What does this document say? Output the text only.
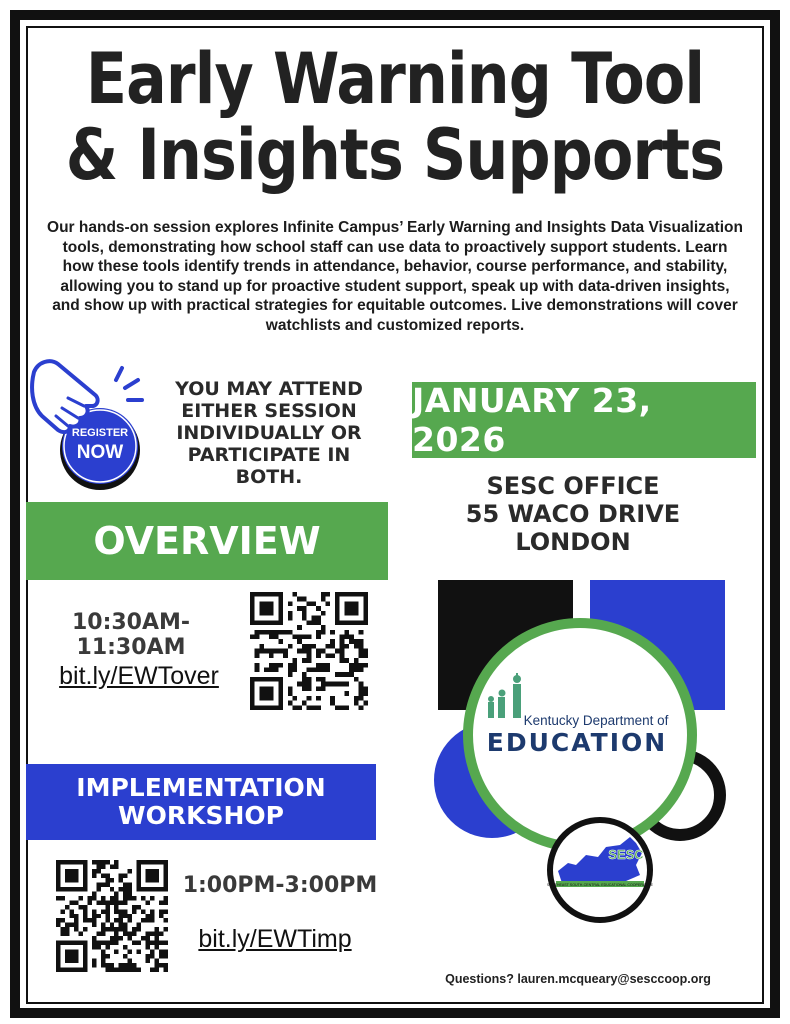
Early Warning Tool
& Insights Supports

Our hands-on session explores Infinite Campus’ Early Warning and Insights Data Visualization tools, demonstrating how school staff can use data to proactively support students. Learn how these tools identify trends in attendance, behavior, course performance, and stability, allowing you to stand up for proactive student support, speak up with data-driven insights, and show up with practical strategies for equitable outcomes. Live demonstrations will cover watchlists and customized reports.

REGISTER
NOW
YOU MAY ATTEND
EITHER SESSION
INDIVIDUALLY OR
PARTICIPATE IN BOTH.
JANUARY 23, 2026
SESC OFFICE
55 WACO DRIVE LONDON
OVERVIEW
10:30AM-11:30AM
bit.ly/EWTover
IMPLEMENTATION
WORKSHOP
1:00PM-3:00PM
bit.ly/EWTimp
Kentucky Department of
EDUCATION
SESC
SOUTHEAST SOUTH-CENTRAL EDUCATIONAL COOPERATIVE
Questions? lauren.mcqueary@sesccoop.org
